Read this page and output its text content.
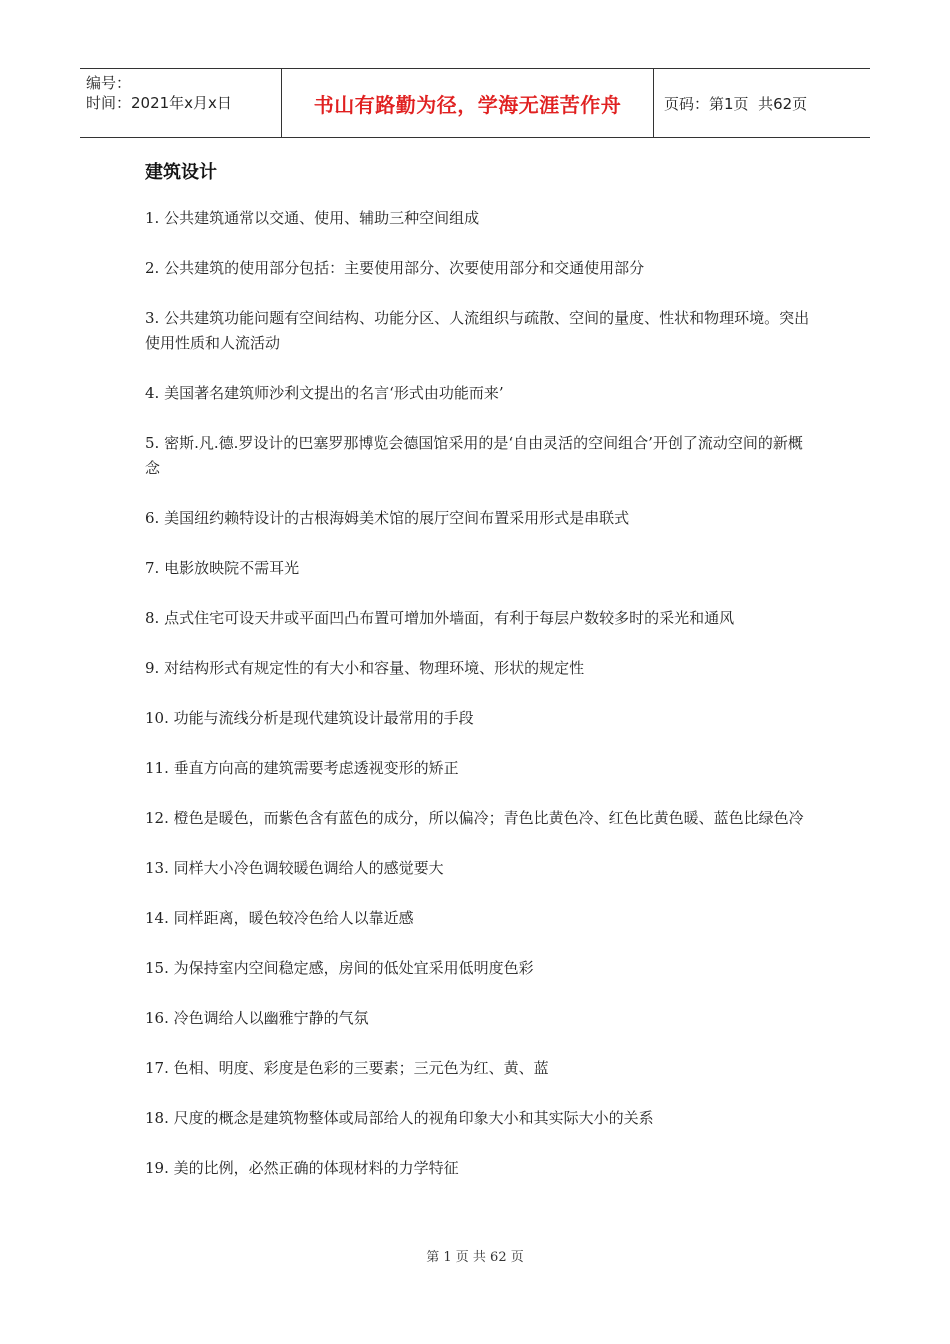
编号：
时间：2021年x月x日	书山有路勤为径，学海无涯苦作舟	页码：第1页  共62页
建筑设计
1. 公共建筑通常以交通、使用、辅助三种空间组成
2. 公共建筑的使用部分包括：主要使用部分、次要使用部分和交通使用部分
3. 公共建筑功能问题有空间结构、功能分区、人流组织与疏散、空间的量度、性状和物理环境。突出使用性质和人流活动
4. 美国著名建筑师沙利文提出的名言‘形式由功能而来’
5. 密斯.凡.德.罗设计的巴塞罗那博览会德国馆采用的是‘自由灵活的空间组合’开创了流动空间的新概念
6. 美国纽约赖特设计的古根海姆美术馆的展厅空间布置采用形式是串联式
7. 电影放映院不需耳光
8. 点式住宅可设天井或平面凹凸布置可增加外墙面，有利于每层户数较多时的采光和通风
9. 对结构形式有规定性的有大小和容量、物理环境、形状的规定性
10. 功能与流线分析是现代建筑设计最常用的手段
11. 垂直方向高的建筑需要考虑透视变形的矫正
12. 橙色是暖色，而紫色含有蓝色的成分，所以偏冷；青色比黄色冷、红色比黄色暖、蓝色比绿色冷
13. 同样大小冷色调较暖色调给人的感觉要大
14. 同样距离，暖色较冷色给人以靠近感
15. 为保持室内空间稳定感，房间的低处宜采用低明度色彩
16. 冷色调给人以幽雅宁静的气氛
17. 色相、明度、彩度是色彩的三要素；三元色为红、黄、蓝
18. 尺度的概念是建筑物整体或局部给人的视角印象大小和其实际大小的关系
19. 美的比例，必然正确的体现材料的力学特征
第 1 页 共 62 页
